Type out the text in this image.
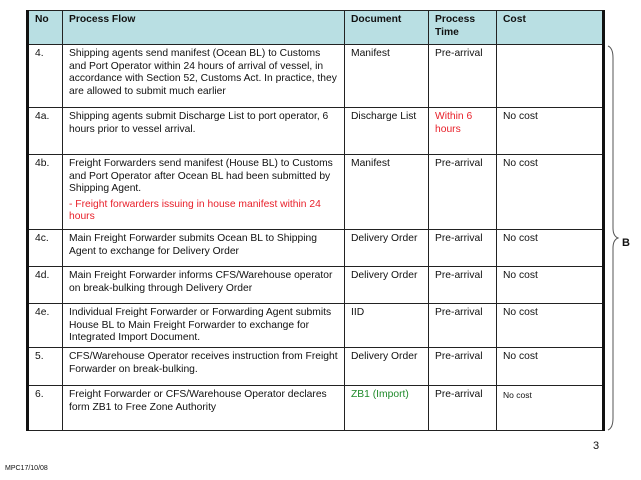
No	Process Flow	Document	Process Time	Cost

4.	Shipping agents send manifest (Ocean BL) to Customs and Port Operator within 24 hours of arrival of vessel, in accordance with Section 52, Customs Act. In practice, they are allowed to submit much earlier	Manifest	Pre-arrival	

4a.	Shipping agents submit Discharge List to port operator, 6 hours prior to vessel arrival.	Discharge List	Within 6 hours	No cost

4b.	Freight Forwarders send manifest (House BL) to Customs and Port Operator after Ocean BL had been submitted by Shipping Agent.
- Freight forwarders issuing in house manifest within 24 hours	Manifest	Pre-arrival	No cost

4c.	Main Freight Forwarder submits Ocean BL to Shipping Agent to exchange for Delivery Order	Delivery Order	Pre-arrival	No cost

4d.	Main Freight Forwarder informs CFS/Warehouse operator on break-bulking through Delivery Order	Delivery Order	Pre-arrival	No cost

4e.	Individual Freight Forwarder or Forwarding Agent submits House BL to Main Freight Forwarder to exchange for Integrated Import Document.	IID	Pre-arrival	No cost

5.	CFS/Warehouse Operator receives instruction from Freight Forwarder on break-bulking.	Delivery Order	Pre-arrival	No cost

6.	Freight Forwarder or CFS/Warehouse Operator declares form ZB1 to Free Zone Authority	ZB1 (Import)	Pre-arrival	No cost
B
3
MPC17/10/08
